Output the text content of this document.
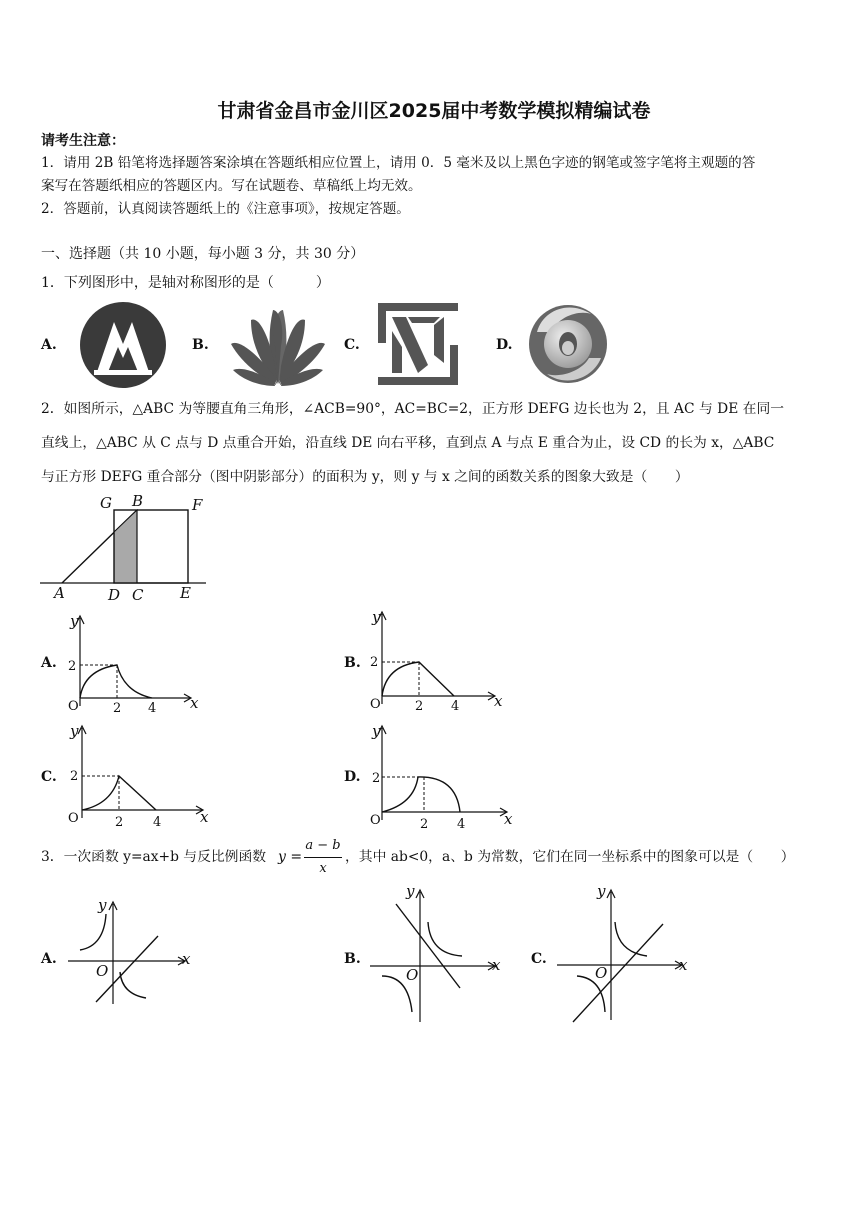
甘肃省金昌市金川区2025届中考数学模拟精编试卷
请考生注意：
1．请用 2B 铅笔将选择题答案涂填在答题纸相应位置上，请用 0．5 毫米及以上黑色字迹的钢笔或签字笔将主观题的答
案写在答题纸相应的答题区内。写在试题卷、草稿纸上均无效。
2．答题前，认真阅读答题纸上的《注意事项》，按规定答题。
一、选择题（共 10 小题，每小题 3 分，共 30 分）
1．下列图形中，是轴对称图形的是（　　　）
A.	B.	C.	D.
2．如图所示，△ABC 为等腰直角三角形，∠ACB=90°，AC=BC=2，正方形 DEFG 边长也为 2，且 AC 与 DE 在同一
直线上，△ABC 从 C 点与 D 点重合开始，沿直线 DE 向右平移，直到点 A 与点 E 重合为止，设 CD 的长为 x，△ABC
与正方形 DEFG 重合部分（图中阴影部分）的面积为 y，则 y 与 x 之间的函数关系的图象大致是（　　）
G B	F
A	D C E
A.
y
2
O	2 4 x
B.
y
2
O	2 4 x
C.
y
2
O	2 4	x
D.
y
2
O	2 4	x
3．一次函数 y=ax+b 与反比例函数 y =
a − b
x
，其中 ab<0，a、b 为常数，它们在同一坐标系中的图象可以是（　　）
A.
y
O
x	B.
y
O
x C.
y
O	x
